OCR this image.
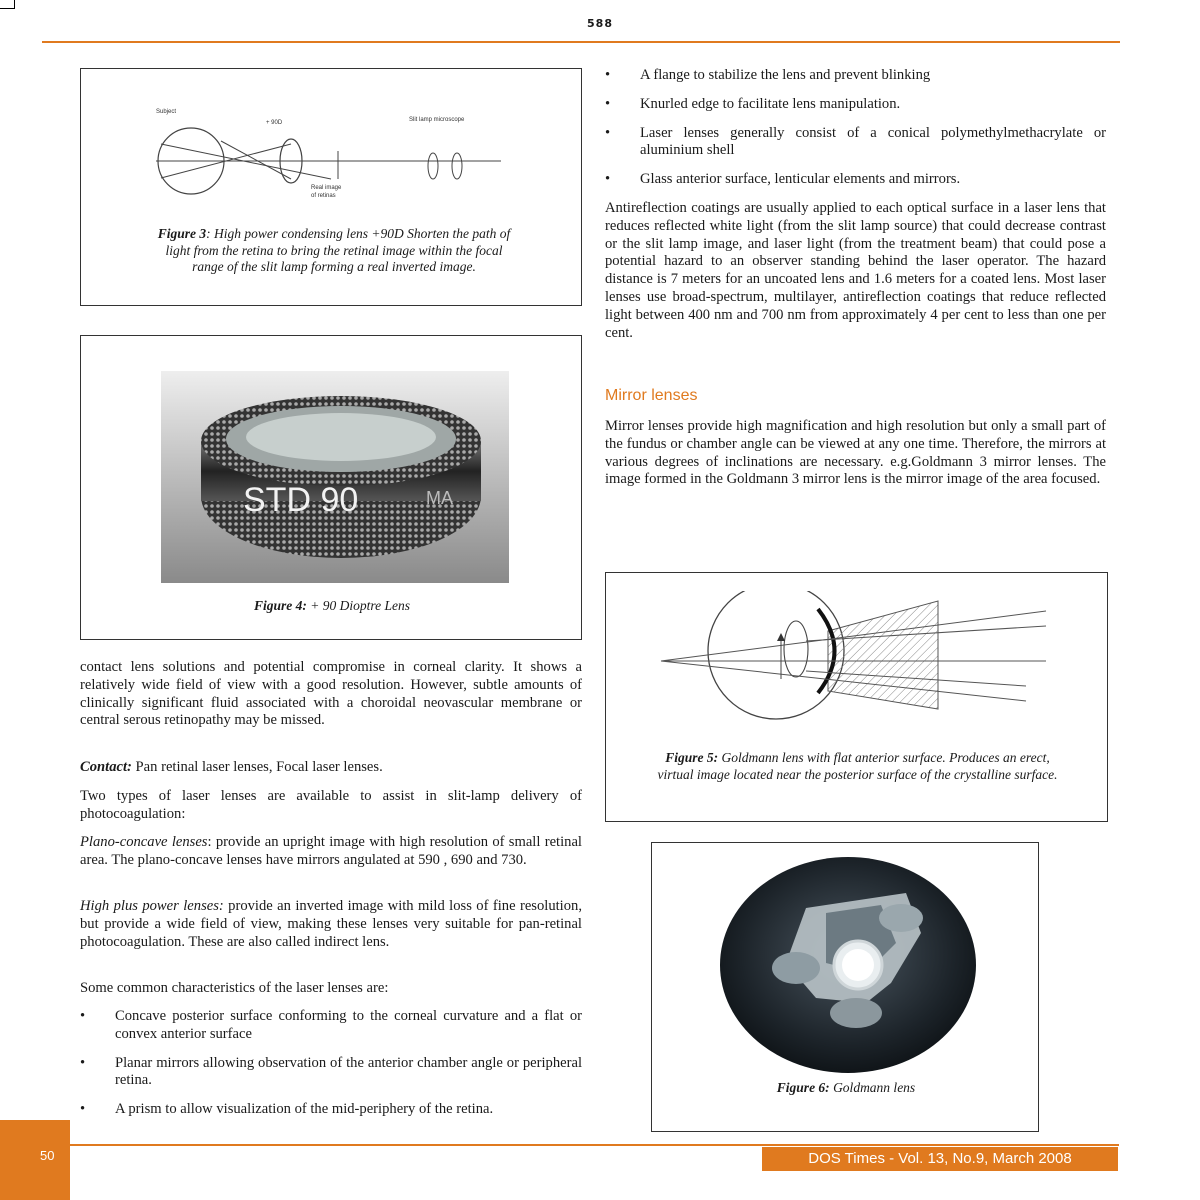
588
Subject
+ 90D	Slit lamp microscope
Real image
of retinas
Figure 3: High power condensing lens +90D Shorten the path of light from the retina to bring the retinal image within the focal range of the slit lamp forming a real inverted image.
STD 90	MA
Figure 4: + 90 Dioptre Lens

contact lens solutions and potential compromise in corneal clarity. It shows a relatively wide field of view with a good resolution. However, subtle amounts of clinically significant fluid associated with a choroidal neovascular membrane or central serous retinopathy may be missed.

Contact: Pan retinal laser lenses, Focal laser lenses.

Two types of laser lenses are available to assist in slit-lamp delivery of photocoagulation:

Plano-concave lenses: provide an upright image with high resolution of small retinal area. The plano-concave lenses have mirrors angulated at 590 , 690 and 730.

High plus power lenses: provide an inverted image with mild loss of fine resolution, but provide a wide field of view, making these lenses very suitable for pan-retinal photocoagulation. These are also called indirect lens.

Some common characteristics of the laser lenses are:

• Concave posterior surface conforming to the corneal curvature and a flat or convex anterior surface
• Planar mirrors allowing observation of the anterior chamber angle or peripheral retina.
• A prism to allow visualization of the mid-periphery of the retina.
• A flange to stabilize the lens and prevent blinking
• Knurled edge to facilitate lens manipulation.
• Laser lenses generally consist of a conical polymethylmethacrylate or aluminium shell
• Glass anterior surface, lenticular elements and mirrors.

Antireflection coatings are usually applied to each optical surface in a laser lens that reduces reflected white light (from the slit lamp source) that could decrease contrast or the slit lamp image, and laser light (from the treatment beam) that could pose a potential hazard to an observer standing behind the laser operator. The hazard distance is 7 meters for an uncoated lens and 1.6 meters for a coated lens. Most laser lenses use broad-spectrum, multilayer, antireflection coatings that reduce reflected light between 400 nm and 700 nm from approximately 4 per cent to less than one per cent.

Mirror lenses

Mirror lenses provide high magnification and high resolution but only a small part of the fundus or chamber angle can be viewed at any one time. Therefore, the mirrors at various degrees of inclinations are necessary. e.g.Goldmann 3 mirror lenses. The image formed in the Goldmann 3 mirror lens is the mirror image of the area focused.

Figure 5: Goldmann lens with flat anterior surface. Produces an erect, virtual image located near the posterior surface of the crystalline surface.
Figure 6: Goldmann lens
50	DOS Times - Vol. 13, No.9, March 2008
